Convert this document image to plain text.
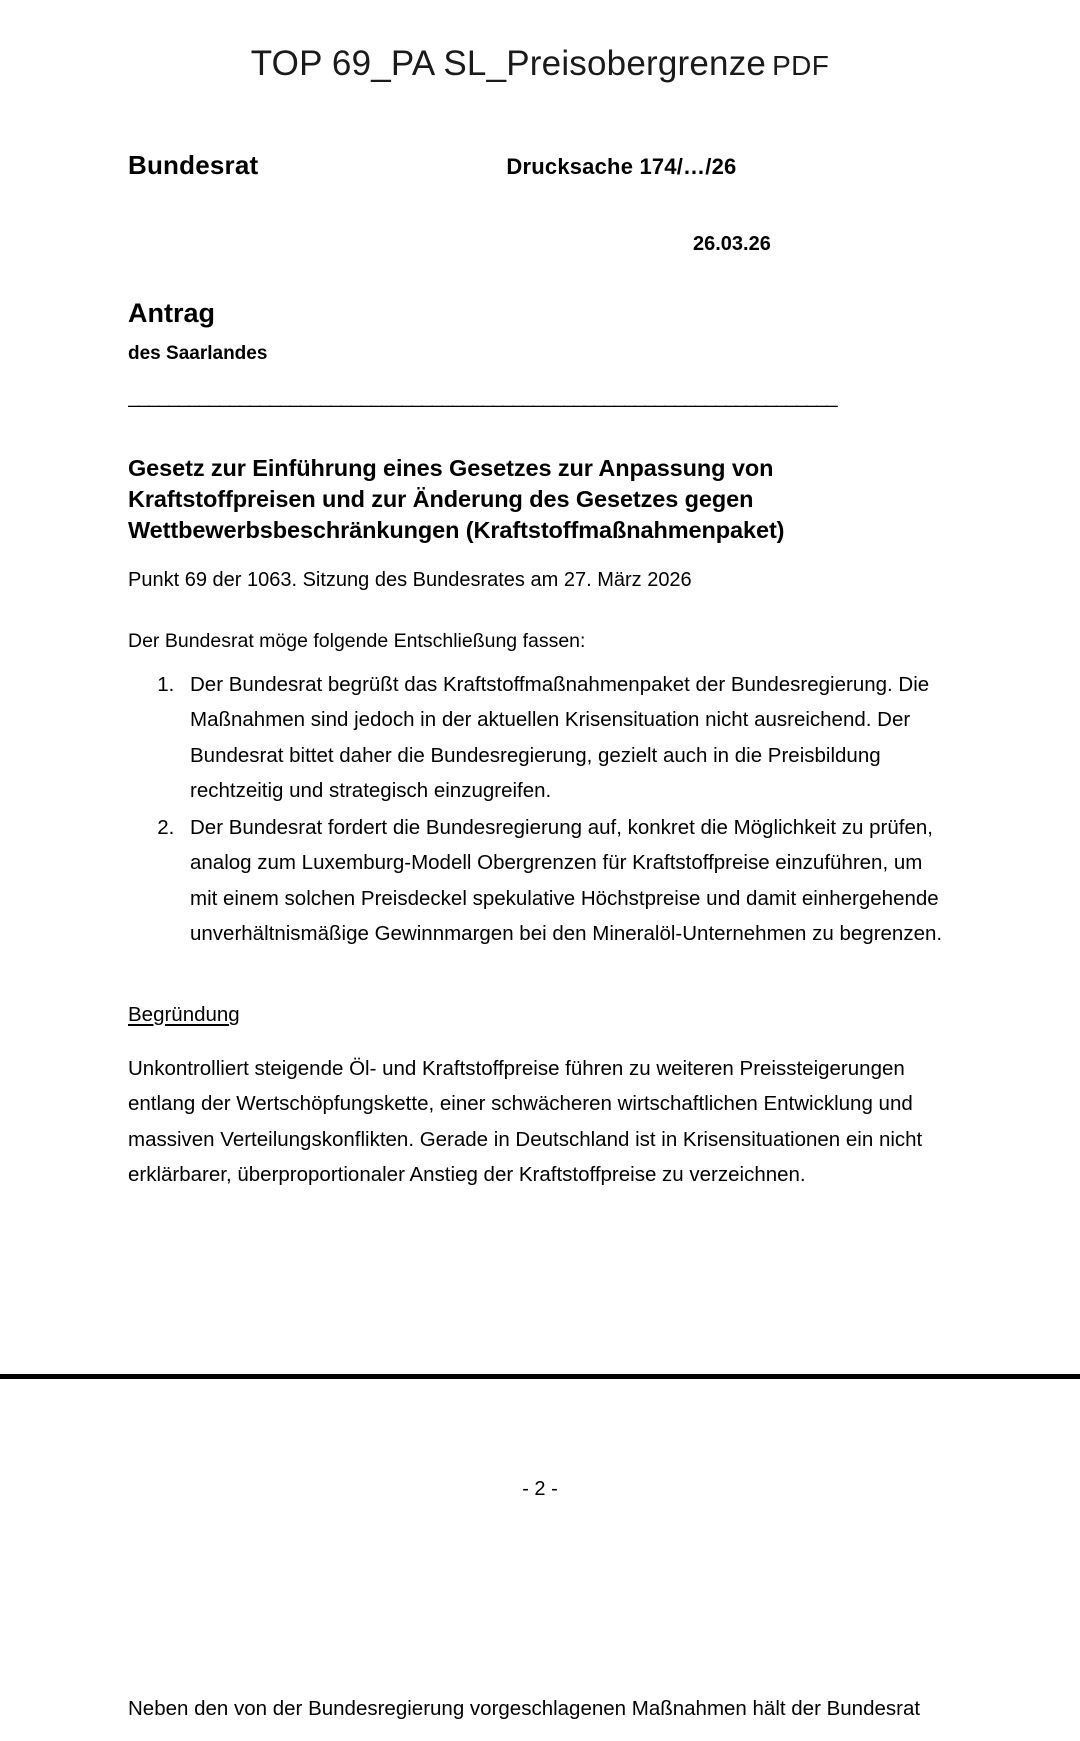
TOP 69_PA SL_Preisobergrenze PDF
Bundesrat	Drucksache 174/…/26
26.03.26
Antrag
des Saarlandes
______________________________________________________________________
Gesetz zur Einführung eines Gesetzes zur Anpassung von Kraftstoffpreisen und zur Änderung des Gesetzes gegen Wettbewerbsbeschränkungen (Kraftstoffmaßnahmenpaket)
Punkt 69 der 1063. Sitzung des Bundesrates am 27. März 2026
Der Bundesrat möge folgende Entschließung fassen:
1. Der Bundesrat begrüßt das Kraftstoffmaßnahmenpaket der Bundesregierung. Die Maßnahmen sind jedoch in der aktuellen Krisensituation nicht ausreichend. Der Bundesrat bittet daher die Bundesregierung, gezielt auch in die Preisbildung rechtzeitig und strategisch einzugreifen.
2. Der Bundesrat fordert die Bundesregierung auf, konkret die Möglichkeit zu prüfen, analog zum Luxemburg-Modell Obergrenzen für Kraftstoffpreise einzuführen, um mit einem solchen Preisdeckel spekulative Höchstpreise und damit einhergehende unverhältnismäßige Gewinnmargen bei den Mineralöl-Unternehmen zu begrenzen.
Begründung
Unkontrolliert steigende Öl- und Kraftstoffpreise führen zu weiteren Preissteigerungen entlang der Wertschöpfungskette, einer schwächeren wirtschaftlichen Entwicklung und massiven Verteilungskonflikten. Gerade in Deutschland ist in Krisensituationen ein nicht erklärbarer, überproportionaler Anstieg der Kraftstoffpreise zu verzeichnen.
- 2 -
Neben den von der Bundesregierung vorgeschlagenen Maßnahmen hält der Bundesrat
